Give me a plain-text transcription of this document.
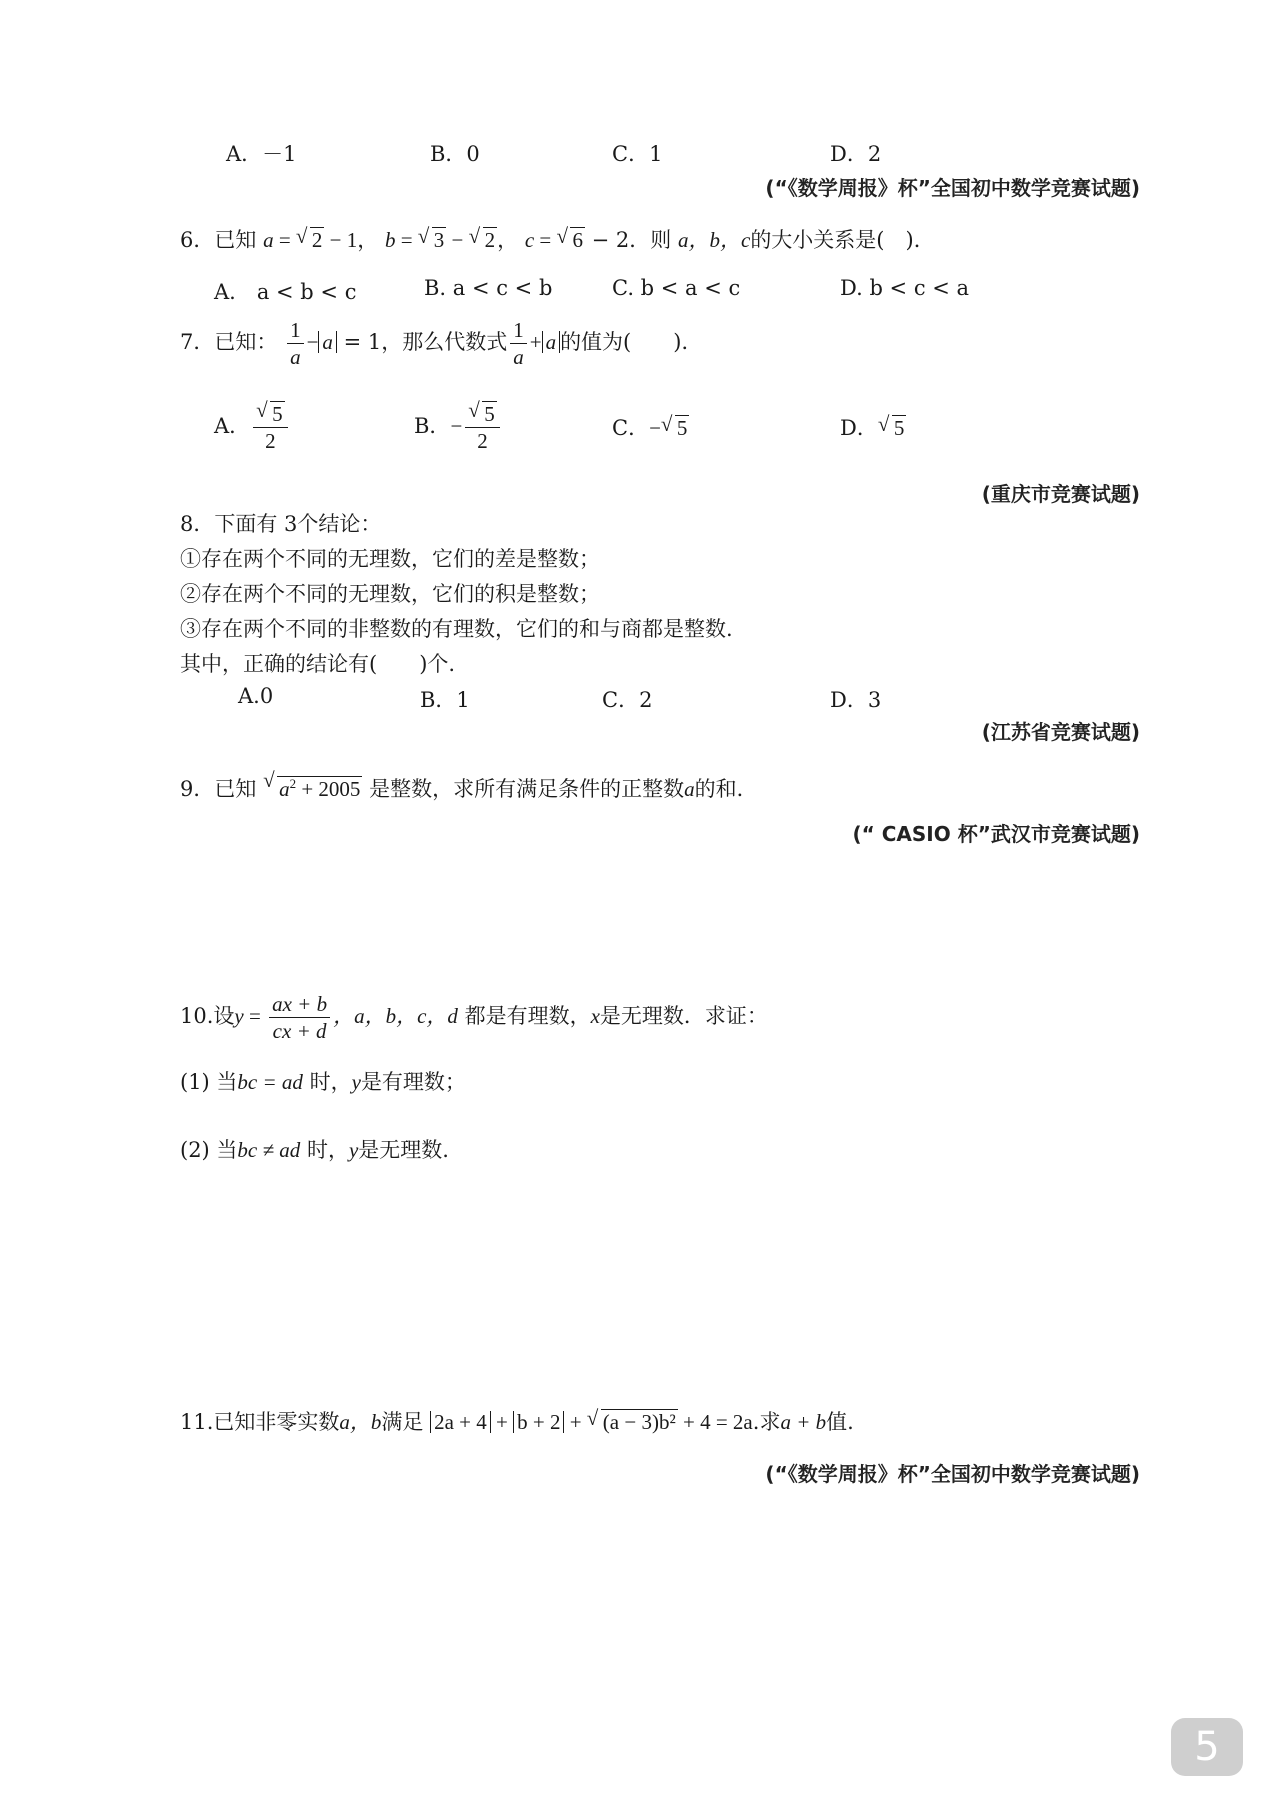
A．－1	B．0	C．1	D．2
(“《数学周报》杯”全国初中数学竞赛试题)
6．已知 a = √ 2 − 1， b = √ 3 − √ 2， c = √ 6 − 2．则 a，b，c的大小关系是(　)．
A.　a < b < c	B. a < c < b	C. b < a < c	D. b < c < a
7．已知： $\frac{1}{a} - a = 1$，那么代数式 $\frac{1}{a} + a$ 的值为(　　)．
A． $\frac{√ 5}{2}$	B．− $\frac{√ 5}{2}$	C．− √ 5	D． √ 5
(重庆市竞赛试题)
8．下面有 3个结论：
①存在两个不同的无理数，它们的差是整数；
②存在两个不同的无理数，它们的积是整数；
③存在两个不同的非整数的有理数，它们的和与商都是整数.
其中，正确的结论有(　　)个.
A.0	B．1	C．2	D．3
(江苏省竞赛试题)
9．已知 √ $a^2 + 2005$ 是整数，求所有满足条件的正整数a的和．
(“ CASIO 杯”武汉市竞赛试题)
10.设$y = \frac{ax + b}{cx + d}$ ，a，b，c，d 都是有理数，x是无理数．求证：
(1) 当bc = ad 时，y是有理数；
(2) 当bc ≠ ad 时，y是无理数.
11.已知非零实数a，b满足 2a + 4 + b + 2 + √ (a − 3)b² + 4 = 2a.求a + b值.
(“《数学周报》杯”全国初中数学竞赛试题)
5
